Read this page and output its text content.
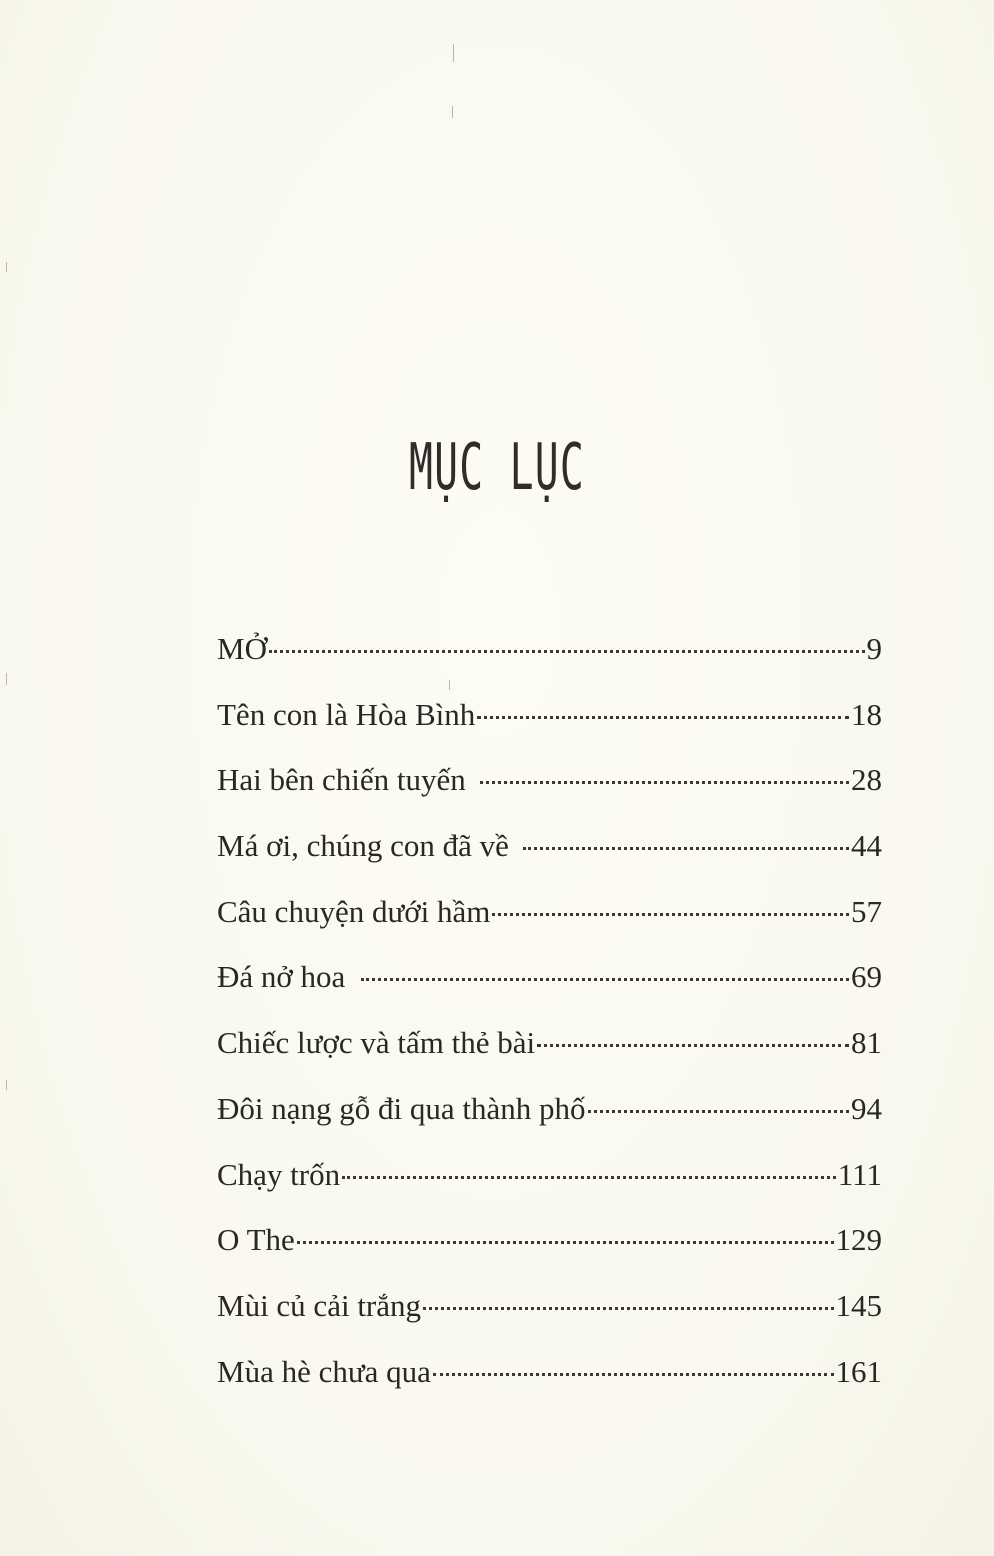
MỤC LỤC
MỞ	9
Tên con là Hòa Bình	18
Hai bên chiến tuyến	28
Má ơi, chúng con đã về	44
Câu chuyện dưới hầm	57
Đá nở hoa	69
Chiếc lược và tấm thẻ bài	81
Đôi nạng gỗ đi qua thành phố	94
Chạy trốn	111
O The	129
Mùi củ cải trắng	145
Mùa hè chưa qua	161
